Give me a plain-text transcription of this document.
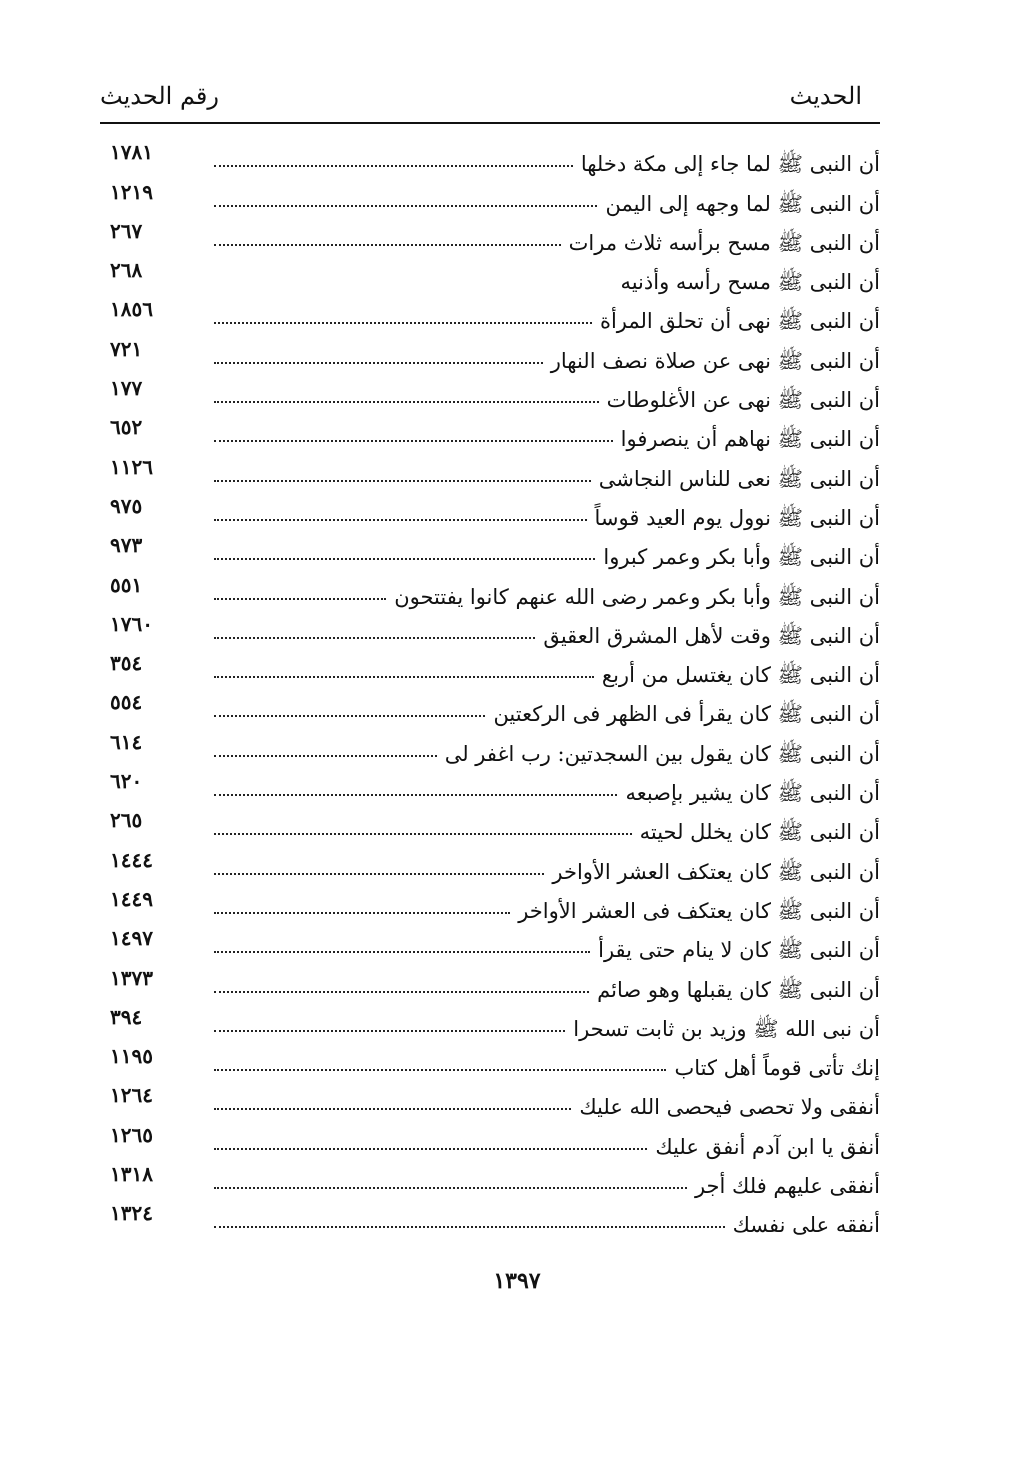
الحديث
رقم الحديث
أن النبى ﷺ لما جاء إلى مكة دخلها
١٧٨١
أن النبى ﷺ لما وجهه إلى اليمن
١٢١٩
أن النبى ﷺ مسح برأسه ثلاث مرات
٢٦٧
أن النبى ﷺ مسح رأسه وأذنيه
٢٦٨
أن النبى ﷺ نهى أن تحلق المرأة
١٨٥٦
أن النبى ﷺ نهى عن صلاة نصف النهار
٧٢١
أن النبى ﷺ نهى عن الأغلوطات
١٧٧
أن النبى ﷺ نهاهم أن ينصرفوا
٦٥٢
أن النبى ﷺ نعى للناس النجاشى
١١٢٦
أن النبى ﷺ نوول يوم العيد قوساً
٩٧٥
أن النبى ﷺ وأبا بكر وعمر كبروا
٩٧٣
أن النبى ﷺ وأبا بكر وعمر رضى الله عنهم كانوا يفتتحون
٥٥١
أن النبى ﷺ وقت لأهل المشرق العقيق
١٧٦٠
أن النبى ﷺ كان يغتسل من أربع
٣٥٤
أن النبى ﷺ كان يقرأ فى الظهر فى الركعتين
٥٥٤
أن النبى ﷺ كان يقول بين السجدتين: رب اغفر لى
٦١٤
أن النبى ﷺ كان يشير بإصبعه
٦٢٠
أن النبى ﷺ كان يخلل لحيته
٢٦٥
أن النبى ﷺ كان يعتكف العشر الأواخر
١٤٤٤
أن النبى ﷺ كان يعتكف فى العشر الأواخر
١٤٤٩
أن النبى ﷺ كان لا ينام حتى يقرأ
١٤٩٧
أن النبى ﷺ كان يقبلها وهو صائم
١٣٧٣
أن نبى الله ﷺ وزيد بن ثابت تسحرا
٣٩٤
إنك تأتى قوماً أهل كتاب
١١٩٥
أنفقى ولا تحصى فيحصى الله عليك
١٢٦٤
أنفق يا ابن آدم أنفق عليك
١٢٦٥
أنفقى عليهم فلك أجر
١٣١٨
أنفقه على نفسك
١٣٢٤
١٣٩٧
